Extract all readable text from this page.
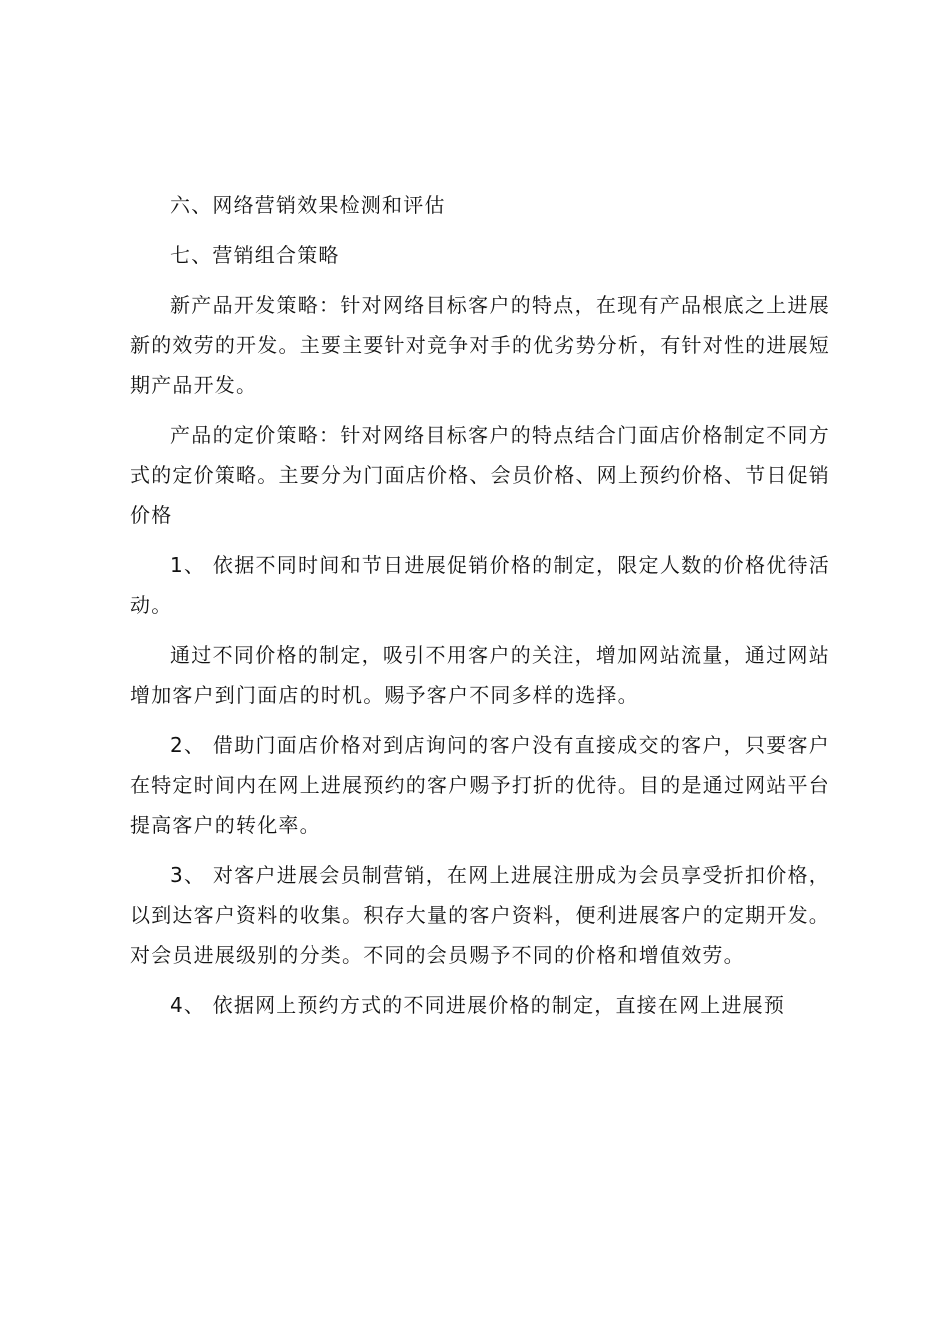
六、网络营销效果检测和评估

七、营销组合策略

新产品开发策略：针对网络目标客户的特点，在现有产品根底之上进展新的效劳的开发。主要主要针对竞争对手的优劣势分析，有针对性的进展短期产品开发。

产品的定价策略：针对网络目标客户的特点结合门面店价格制定不同方式的定价策略。主要分为门面店价格、会员价格、网上预约价格、节日促销价格

1、 依据不同时间和节日进展促销价格的制定，限定人数的价格优待活动。

通过不同价格的制定，吸引不用客户的关注，增加网站流量，通过网站增加客户到门面店的时机。赐予客户不同多样的选择。

2、 借助门面店价格对到店询问的客户没有直接成交的客户，只要客户在特定时间内在网上进展预约的客户赐予打折的优待。目的是通过网站平台提高客户的转化率。

3、 对客户进展会员制营销，在网上进展注册成为会员享受折扣价格，以到达客户资料的收集。积存大量的客户资料，便利进展客户的定期开发。对会员进展级别的分类。不同的会员赐予不同的价格和增值效劳。

4、 依据网上预约方式的不同进展价格的制定，直接在网上进展预
